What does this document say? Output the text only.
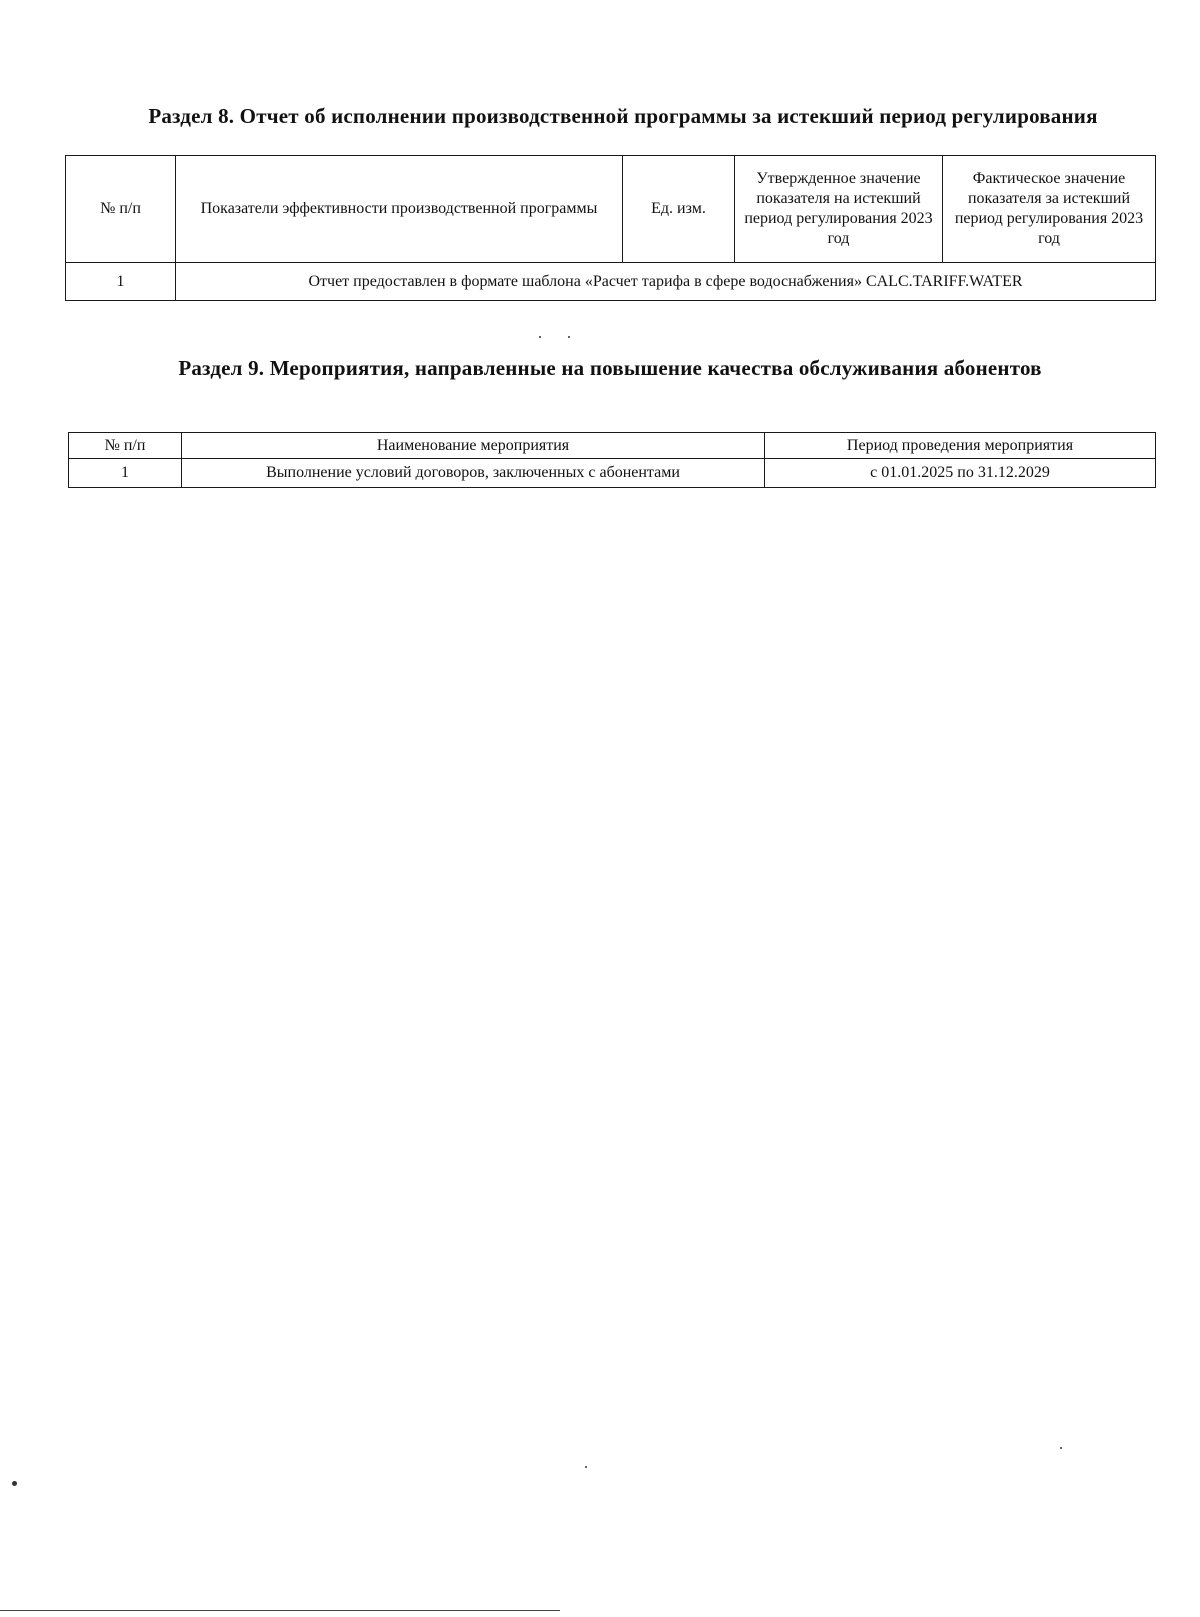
Раздел 8. Отчет об исполнении производственной программы за истекший период регулирования
№ п/п	Показатели эффективности производственной программы	Ед. изм.	Утвержденное значение показателя на истекший период регулирования 2023 год	Фактическое значение показателя за истекший период регулирования 2023 год
1	Отчет предоставлен в формате шаблона «Расчет тарифа в сфере водоснабжения» CALC.TARIFF.WATER			
Раздел 9. Мероприятия, направленные на повышение качества обслуживания абонентов
№ п/п	Наименование мероприятия	Период проведения мероприятия
1	Выполнение условий договоров, заключенных с абонентами	с 01.01.2025 по 31.12.2029
